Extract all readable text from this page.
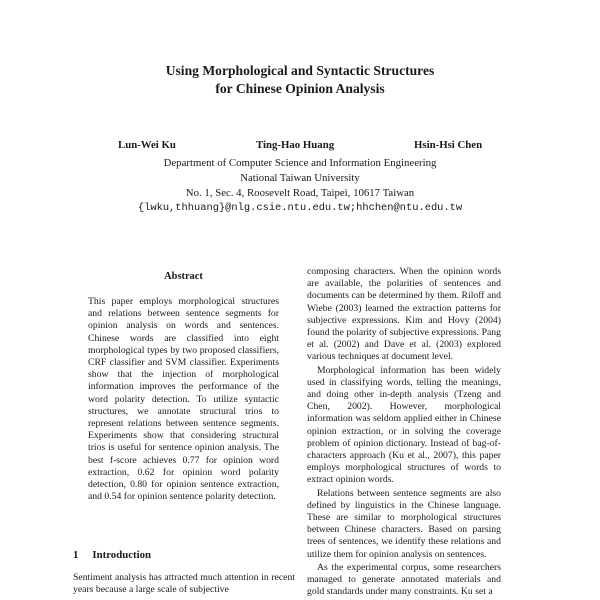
Using Morphological and Syntactic Structures
for Chinese Opinion Analysis
Lun-Wei Ku	Ting-Hao Huang	Hsin-Hsi Chen
Department of Computer Science and Information Engineering
National Taiwan University
No. 1, Sec. 4, Roosevelt Road, Taipei, 10617 Taiwan
{lwku,thhuang}@nlg.csie.ntu.edu.tw;hhchen@ntu.edu.tw
Abstract
This paper employs morphological structures and relations between sentence segments for opinion analysis on words and sentences. Chinese words are classified into eight morphological types by two proposed classifiers, CRF classifier and SVM classifier. Experiments show that the injection of morphological information improves the performance of the word polarity detection. To utilize syntactic structures, we annotate structural trios to represent relations between sentence segments. Experiments show that considering structural trios is useful for sentence opinion analysis. The best f-score achieves 0.77 for opinion word extraction, 0.62 for opinion word polarity detection, 0.80 for opinion sentence extraction, and 0.54 for opinion sentence polarity detection.
1 Introduction
Sentiment analysis has attracted much attention in recent years because a large scale of subjective

composing characters. When the opinion words are available, the polarities of sentences and documents can be determined by them. Riloff and Wiebe (2003) learned the extraction patterns for subjective expressions. Kim and Hovy (2004) found the polarity of subjective expressions. Pang et al. (2002) and Dave et al. (2003) explored various techniques at document level.

Morphological information has been widely used in classifying words, telling the meanings, and doing other in-depth analysis (Tzeng and Chen, 2002). However, morphological information was seldom applied either in Chinese opinion extraction, or in solving the coverage problem of opinion dictionary. Instead of bag-of-characters approach (Ku et al., 2007), this paper employs morphological structures of words to extract opinion words.

Relations between sentence segments are also defined by linguistics in the Chinese language. These are similar to morphological structures between Chinese characters. Based on parsing trees of sentences, we identify these relations and utilize them for opinion analysis on sentences.

As the experimental corpus, some researchers managed to generate annotated materials and gold standards under many constraints. Ku set a
